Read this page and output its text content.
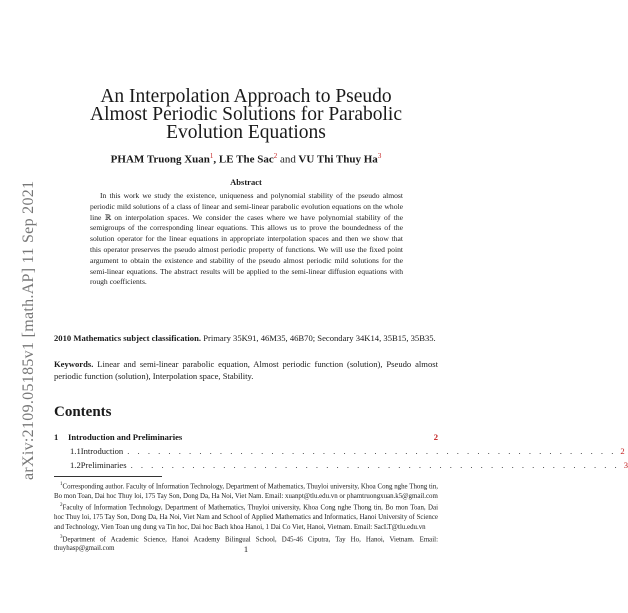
arXiv:2109.05185v1 [math.AP] 11 Sep 2021
An Interpolation Approach to Pseudo
Almost Periodic Solutions for Parabolic
Evolution Equations
PHAM Truong Xuan$^1$, LE The Sac$^2$ and VU Thi Thuy Ha$^3$
Abstract
In this work we study the existence, uniqueness and polynomial stability of the pseudo almost periodic mild solutions of a class of linear and semi-linear parabolic evolution equations on the whole line ℝ on interpolation spaces. We consider the cases where we have polynomial stability of the semigroups of the corresponding linear equations. This allows us to prove the boundedness of the solution operator for the linear equations in appropriate interpolation spaces and then we show that this operator preserves the pseudo almost periodic property of functions. We will use the fixed point argument to obtain the existence and stability of the pseudo almost periodic mild solutions for the semi-linear equations. The abstract results will be applied to the semi-linear diffusion equations with rough coefficients.
2010 Mathematics subject classification. Primary 35K91, 46M35, 46B70; Secondary 34K14, 35B15, 35B35.
Keywords. Linear and semi-linear parabolic equation, Almost periodic function (solution), Pseudo almost periodic function (solution), Interpolation space, Stability.
Contents
1	Introduction and Preliminaries	2
1.1 Introduction . . . . . . . . . . . . . . . . . . . . . . . . . . . . . . . . . . . . . . . . . . . . . . . . 2
1.2 Preliminaries . . . . . . . . . . . . . . . . . . . . . . . . . . . . . . . . . . . . . . . . . . . . . . . . 3

$^1$Corresponding author. Faculty of Information Technology, Department of Mathematics, Thuyloi university, Khoa Cong nghe Thong tin, Bo mon Toan, Dai hoc Thuy loi, 175 Tay Son, Dong Da, Ha Noi, Viet Nam. Email: xuanpt@tlu.edu.vn or phamtruongxuan.k5@gmail.com

$^2$Faculty of Information Technology, Department of Mathematics, Thuyloi university, Khoa Cong nghe Thong tin, Bo mon Toan, Dai hoc Thuy loi, 175 Tay Son, Dong Da, Ha Noi, Viet Nam and School of Applied Mathematics and Informatics, Hanoi University of Science and Technology, Vien Toan ung dung va Tin hoc, Dai hoc Bach khoa Hanoi, 1 Dai Co Viet, Hanoi, Vietnam. Email: SacLT@tlu.edu.vn

$^3$Department of Academic Science, Hanoi Academy Bilingual School, D45-46 Ciputra, Tay Ho, Hanoi, Vietnam. Email: thuyhasp@gmail.com	1
